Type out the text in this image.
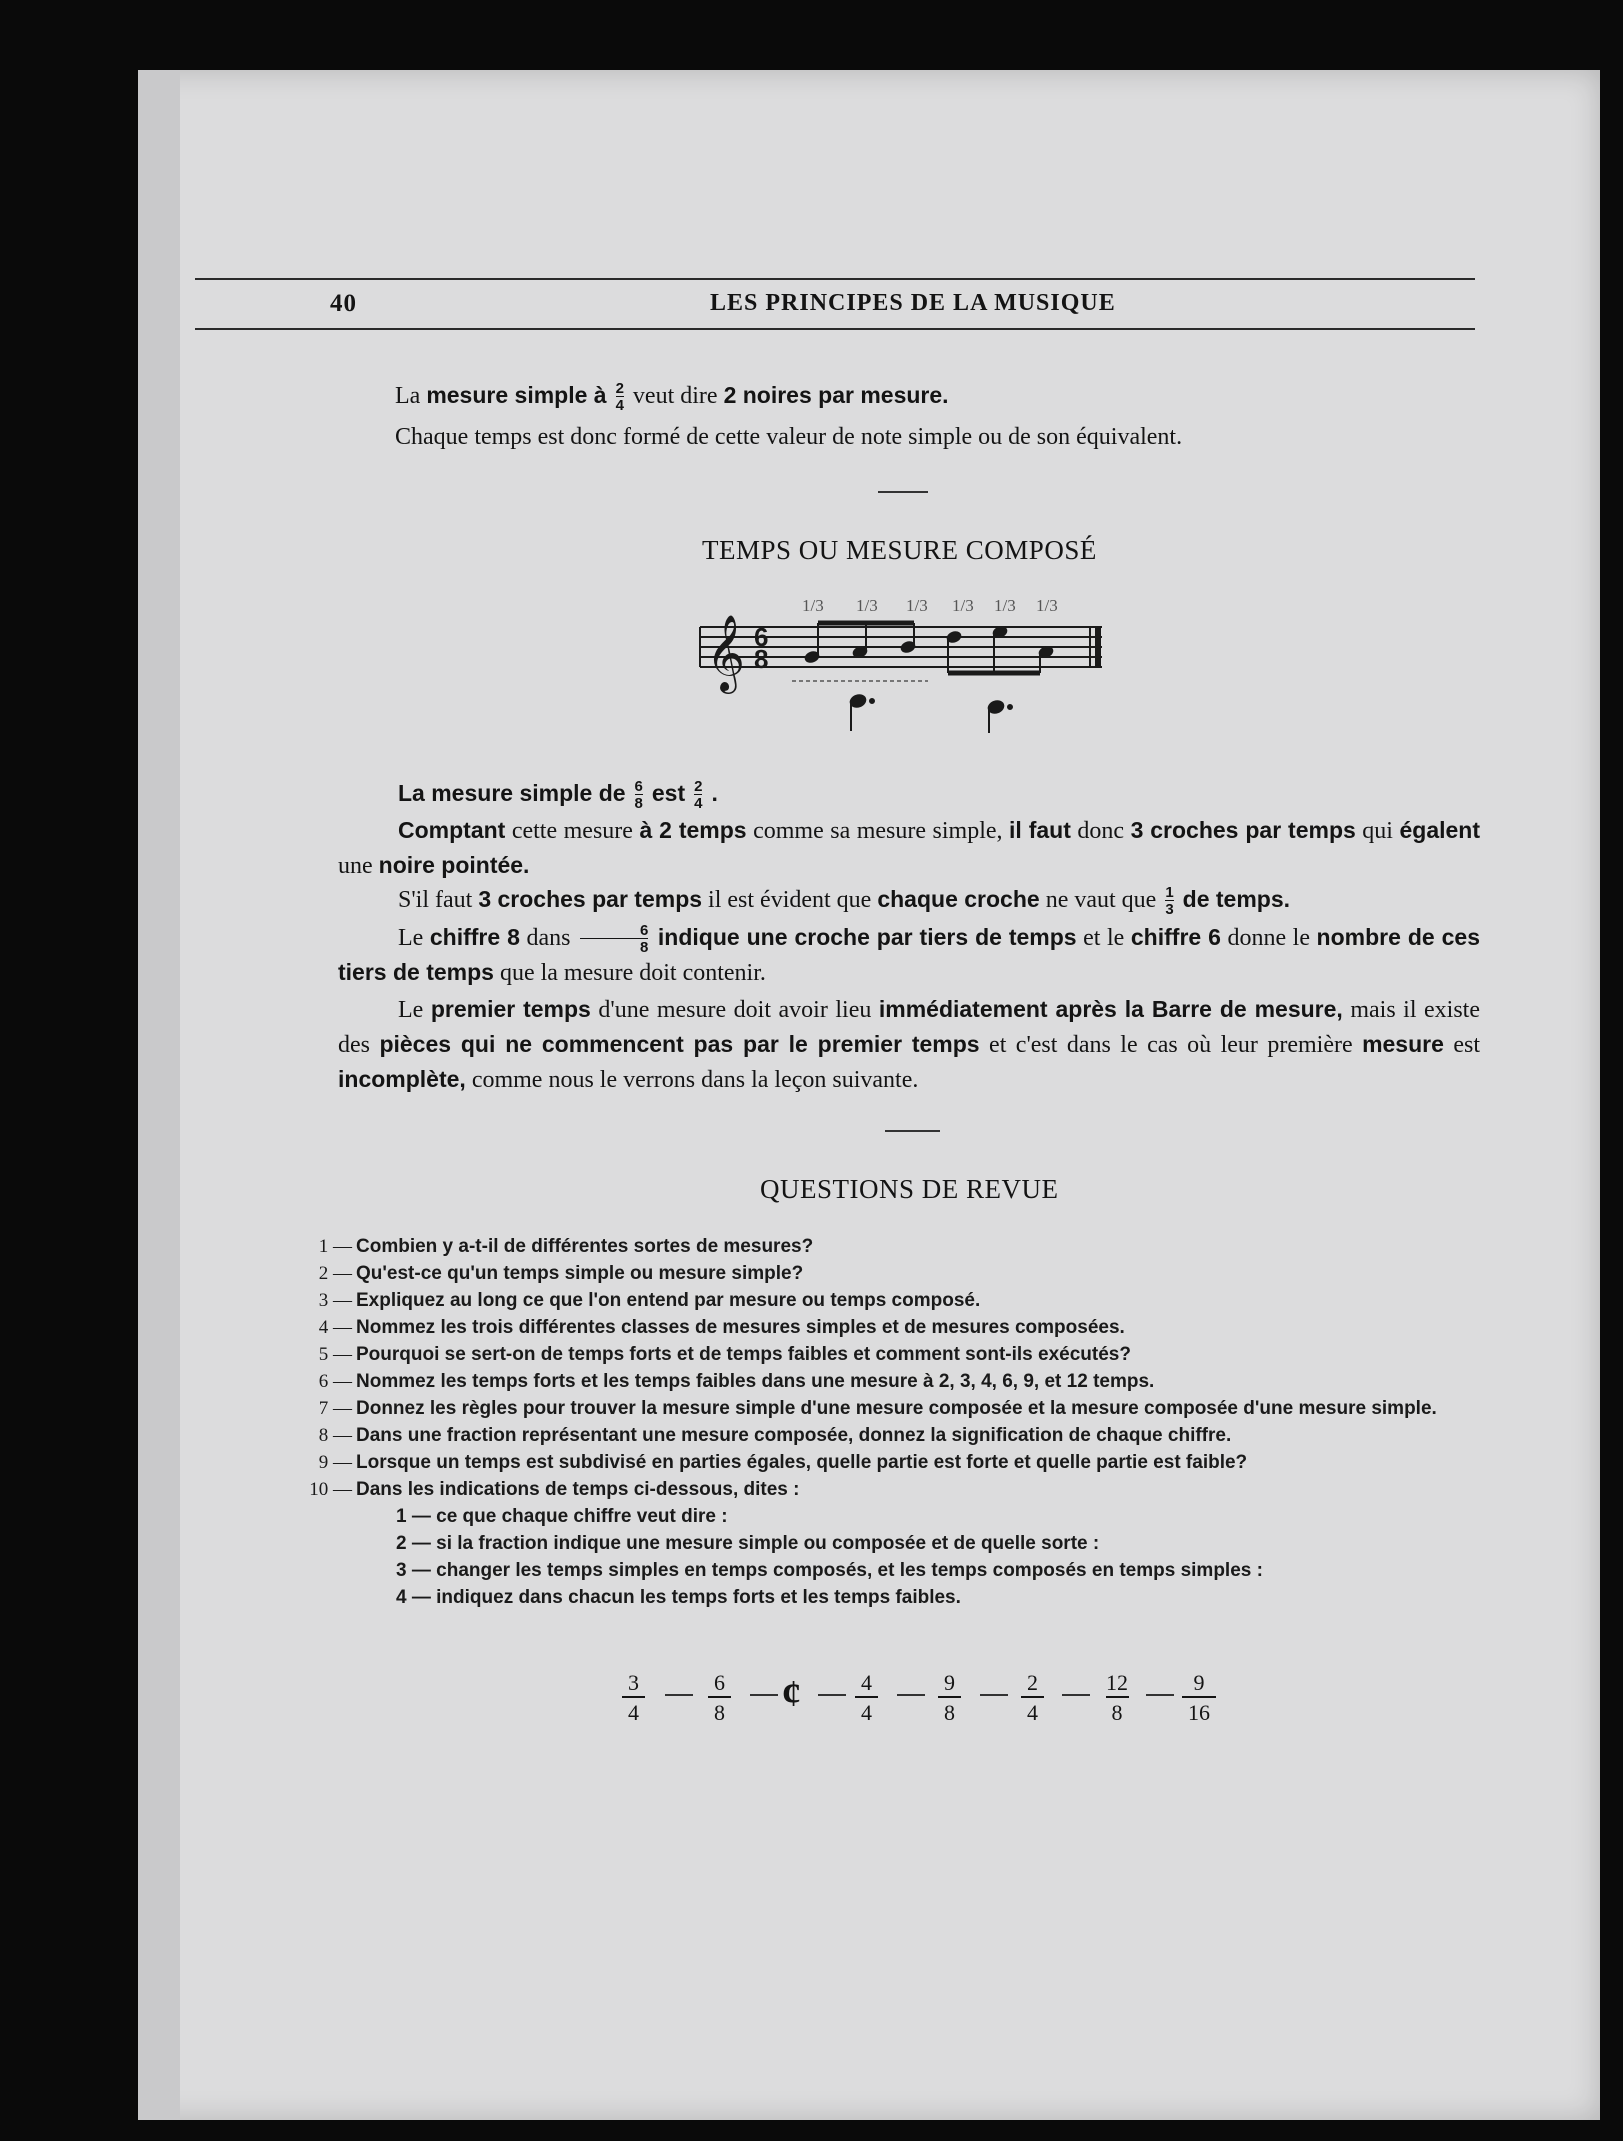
40	LES PRINCIPES DE LA MUSIQUE
La mesure simple à $\frac{2}{4}$ veut dire 2 noires par mesure.
Chaque temps est donc formé de cette valeur de note simple ou de son équivalent.
TEMPS OU MESURE COMPOSÉ
1/3 1/3 1/3 1/3 1/3 1/3
𝄞 6
8
La mesure simple de $\frac{6}{8}$ est $\frac{2}{4}$ .
Comptant cette mesure à 2 temps comme sa mesure simple, il faut donc 3 croches par temps qui égalent une noire pointée.
S'il faut 3 croches par temps il est évident que chaque croche ne vaut que $\frac{1}{3}$ de temps.
Le chiffre 8 dans $\frac{6}{8}$ indique une croche par tiers de temps et le chiffre 6 donne le nombre de ces tiers de temps que la mesure doit contenir.
Le premier temps d'une mesure doit avoir lieu immédiatement après la Barre de mesure, mais il existe des pièces qui ne commencent pas par le premier temps et c'est dans le cas où leur première mesure est incomplète, comme nous le verrons dans la leçon suivante.
QUESTIONS DE REVUE
1 — Combien y a-t-il de différentes sortes de mesures?
2 — Qu'est-ce qu'un temps simple ou mesure simple?
3 — Expliquez au long ce que l'on entend par mesure ou temps composé.
4 — Nommez les trois différentes classes de mesures simples et de mesures composées.
5 — Pourquoi se sert-on de temps forts et de temps faibles et comment sont-ils exécutés?
6 — Nommez les temps forts et les temps faibles dans une mesure à 2, 3, 4, 6, 9, et 12 temps.
7 — Donnez les règles pour trouver la mesure simple d'une mesure composée et la mesure composée d'une mesure simple.
8 — Dans une fraction représentant une mesure composée, donnez la signification de chaque chiffre.
9 — Lorsque un temps est subdivisé en parties égales, quelle partie est forte et quelle partie est faible?
10 — Dans les indications de temps ci-dessous, dites :
1 — ce que chaque chiffre veut dire :
2 — si la fraction indique une mesure simple ou composée et de quelle sorte :
3 — changer les temps simples en temps composés, et les temps composés en temps simples :
4 — indiquez dans chacun les temps forts et les temps faibles.
3
4
6
8 ¢	4
4
9
8
2
4
12
8
9
16
